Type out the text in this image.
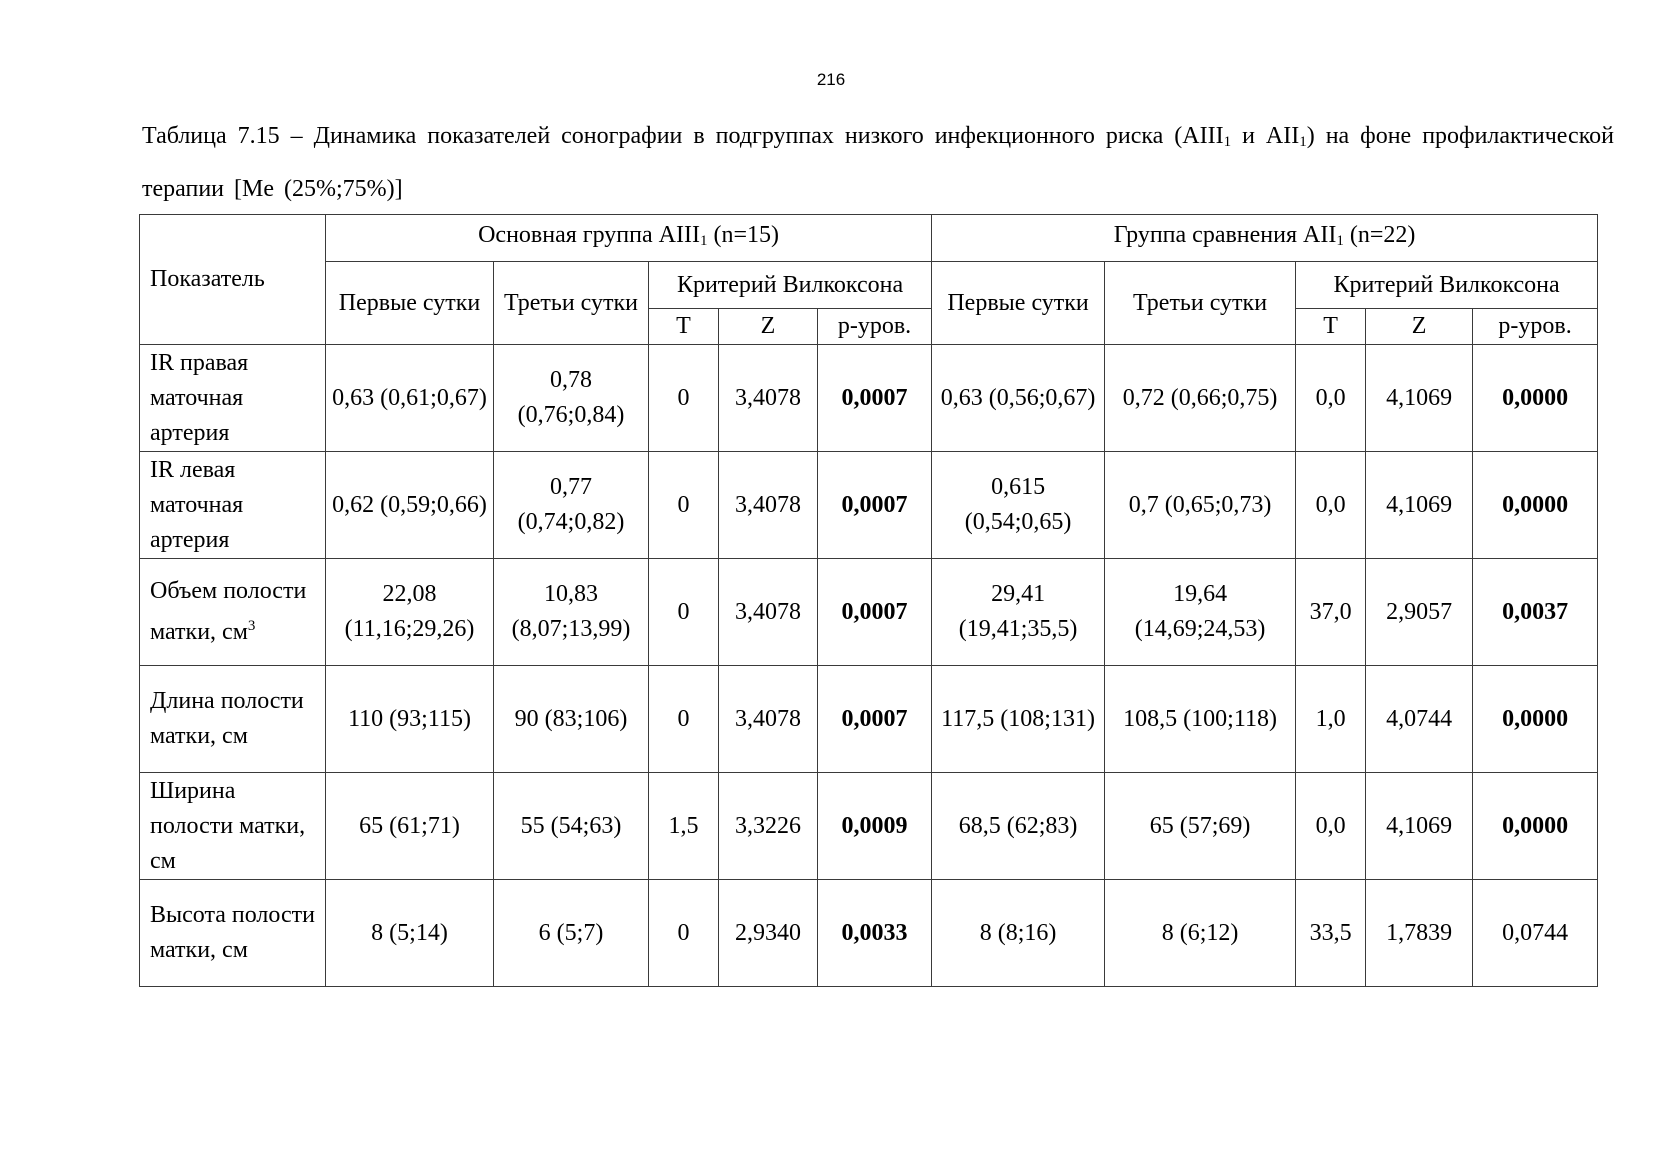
216
Таблица 7.15 – Динамика показателей сонографии в подгруппах низкого инфекционного риска ($AIII_1$ и $AII_1$) на фоне профилактической терапии [Me (25%;75%)]
Показатель	Основная группа $AIII_1$ (n=15)					Группа сравнения $AII_1$ (n=22)				
	Первые сутки	Третьи сутки	Критерий Вилкоксона			Первые сутки	Третьи сутки	Критерий Вилкоксона		
			T	Z	p-уров.			T	Z	p-уров.
IR правая маточная артерия	0,63 (0,61;0,67)	0,78 (0,76;0,84)	0	3,4078	0,0007	0,63 (0,56;0,67)	0,72 (0,66;0,75)	0,0	4,1069	0,0000
IR левая маточная артерия	0,62 (0,59;0,66)	0,77 (0,74;0,82)	0	3,4078	0,0007	0,615 (0,54;0,65)	0,7 (0,65;0,73)	0,0	4,1069	0,0000
Объем полости матки, $см^3$	22,08 (11,16;29,26)	10,83 (8,07;13,99)	0	3,4078	0,0007	29,41 (19,41;35,5)	19,64 (14,69;24,53)	37,0	2,9057	0,0037
Длина полости матки, см	110 (93;115)	90 (83;106)	0	3,4078	0,0007	117,5 (108;131)	108,5 (100;118)	1,0	4,0744	0,0000
Ширина полости матки, см	65 (61;71)	55 (54;63)	1,5	3,3226	0,0009	68,5 (62;83)	65 (57;69)	0,0	4,1069	0,0000
Высота полости матки, см	8 (5;14)	6 (5;7)	0	2,9340	0,0033	8 (8;16)	8 (6;12)	33,5	1,7839	0,0744
